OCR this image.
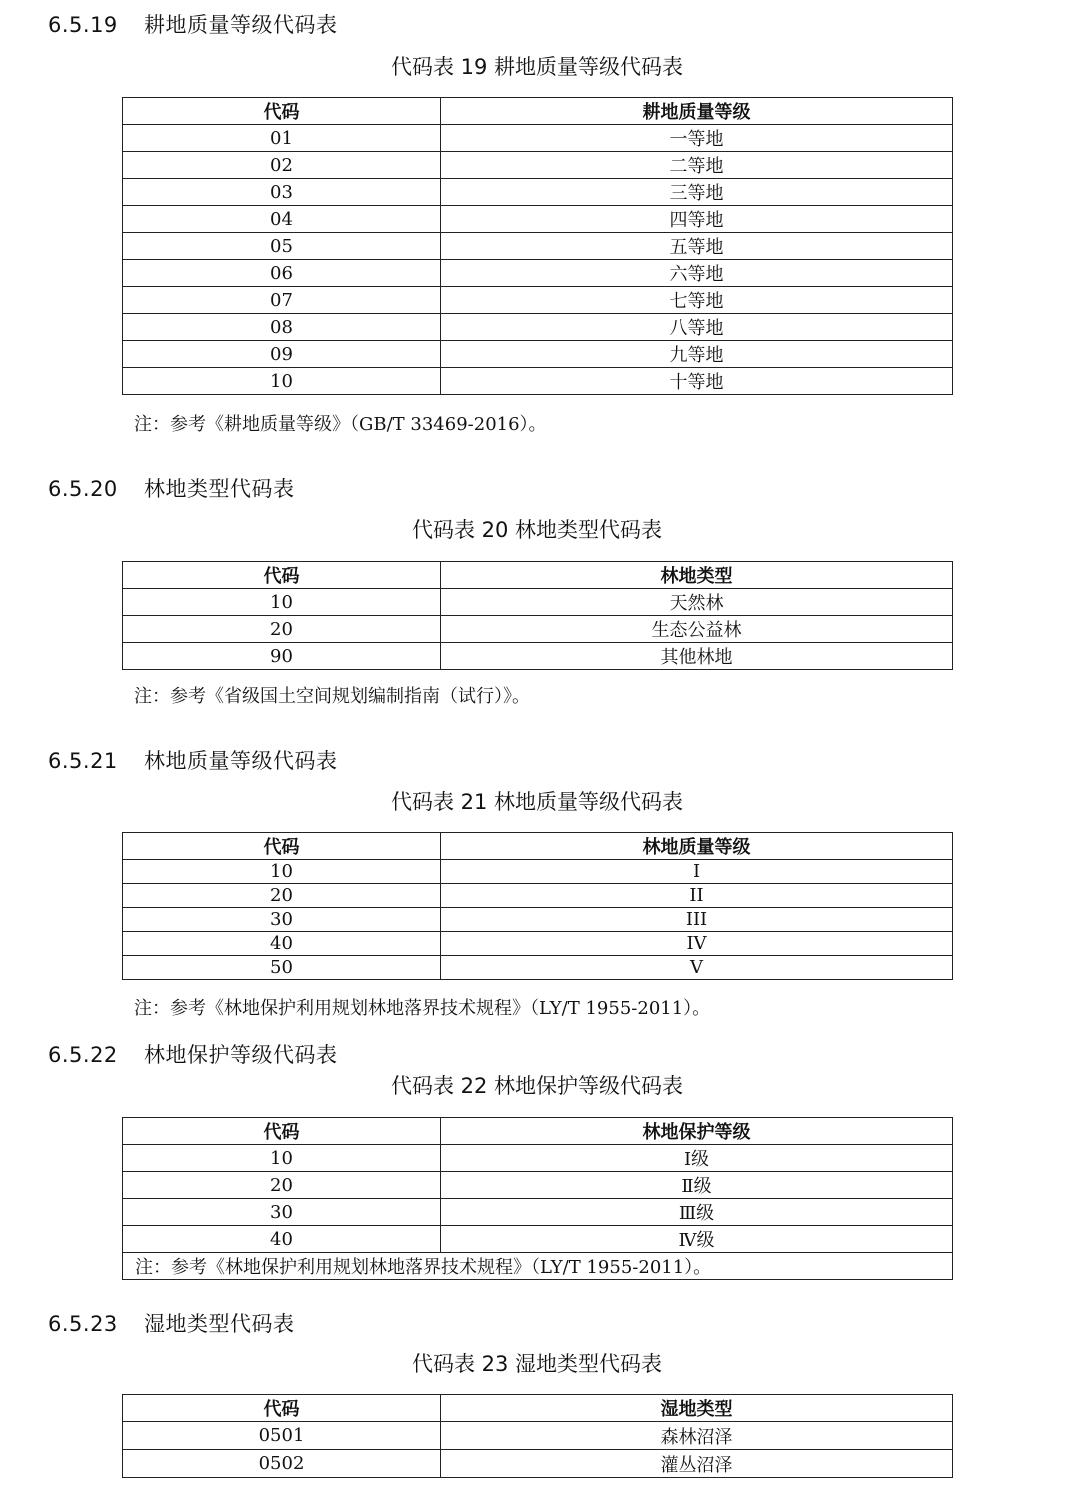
6.5.19 耕地质量等级代码表
代码表 19 耕地质量等级代码表
代码	耕地质量等级
01	一等地
02	二等地
03	三等地
04	四等地
05	五等地
06	六等地
07	七等地
08	八等地
09	九等地
10	十等地
注：参考《耕地质量等级》（GB/T 33469-2016）。
6.5.20 林地类型代码表
代码表 20 林地类型代码表
代码	林地类型
10	天然林
20	生态公益林
90	其他林地
注：参考《省级国土空间规划编制指南（试行）》。
6.5.21 林地质量等级代码表
代码表 21 林地质量等级代码表
代码	林地质量等级
10	I
20	II
30	III
40	IV
50	V
注：参考《林地保护利用规划林地落界技术规程》（LY/T 1955-2011）。
6.5.22 林地保护等级代码表
代码表 22 林地保护等级代码表
代码	林地保护等级
10	Ⅰ级
20	Ⅱ级
30	Ⅲ级
40	Ⅳ级
注：参考《林地保护利用规划林地落界技术规程》（LY/T 1955-2011）。	
6.5.23 湿地类型代码表
代码表 23 湿地类型代码表
代码	湿地类型
0501	森林沼泽
0502	灌丛沼泽
